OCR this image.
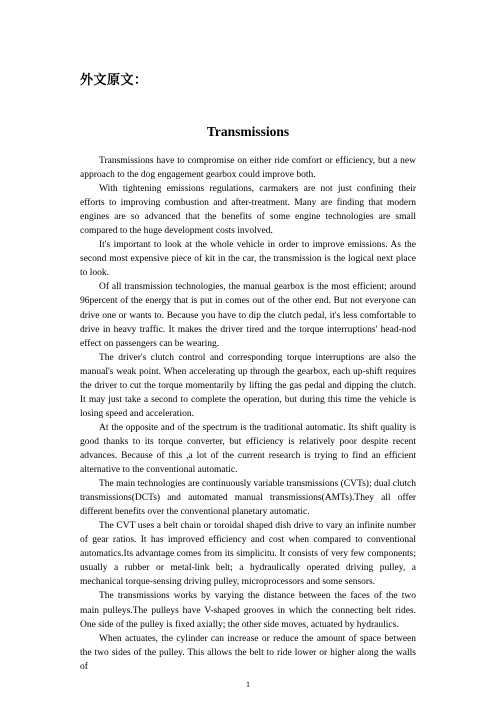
外文原文：
Transmissions

Transmissions have to compromise on either ride comfort or efficiency, but a new approach to the dog engagement gearbox could improve both.

With tightening emissions regulations, carmakers are not just confining their efforts to improving combustion and after-treatment. Many are finding that modern engines are so advanced that the benefits of some engine technologies are small compared to the huge development costs involved.

It's important to look at the whole vehicle in order to improve emissions. As the second most expensive piece of kit in the car, the transmission is the logical next place to look.

Of all transmission technologies, the manual gearbox is the most efficient; around 96percent of the energy that is put in comes out of the other end. But not everyone can drive one or wants to. Because you have to dip the clutch pedal, it's less comfortable to drive in heavy traffic. It makes the driver tired and the torque interruptions' head-nod effect on passengers can be wearing.

The driver's clutch control and corresponding torque interruptions are also the manual's weak point. When accelerating up through the gearbox, each up-shift requires the driver to cut the torque momentarily by lifting the gas pedal and dipping the clutch. It may just take a second to complete the operation, but during this time the vehicle is losing speed and acceleration.

At the opposite and of the spectrum is the traditional automatic. Its shift quality is good thanks to its torque converter, but efficiency is relatively poor despite recent advances. Because of this ,a lot of the current research is trying to find an efficient alternative to the conventional automatic.

The main technologies are continuously variable transmissions (CVTs); dual clutch transmissions(DCTs) and automated manual transmissions(AMTs).They all offer different benefits over the conventional planetary automatic.

The CVT uses a belt chain or toroidal shaped dish drive to vary an infinite number of gear ratios. It has improved efficiency and cost when compared to conventional automatics.Its advantage comes from its simplicitu. It consists of very few components; usually a rubber or metal-link belt; a hydraulically operated driving pulley, a mechanical torque-sensing driving pulley, microprocessors and some sensors.

The transmissions works by varying the distance between the faces of the two main pulleys.The pulleys have V-shaped grooves in which the connecting belt rides. One side of the pulley is fixed axially; the other side moves, actuated by hydraulics.

When actuates, the cylinder can increase or reduce the amount of space between the two sides of the pulley. This allows the belt to ride lower or higher along the walls of

1
